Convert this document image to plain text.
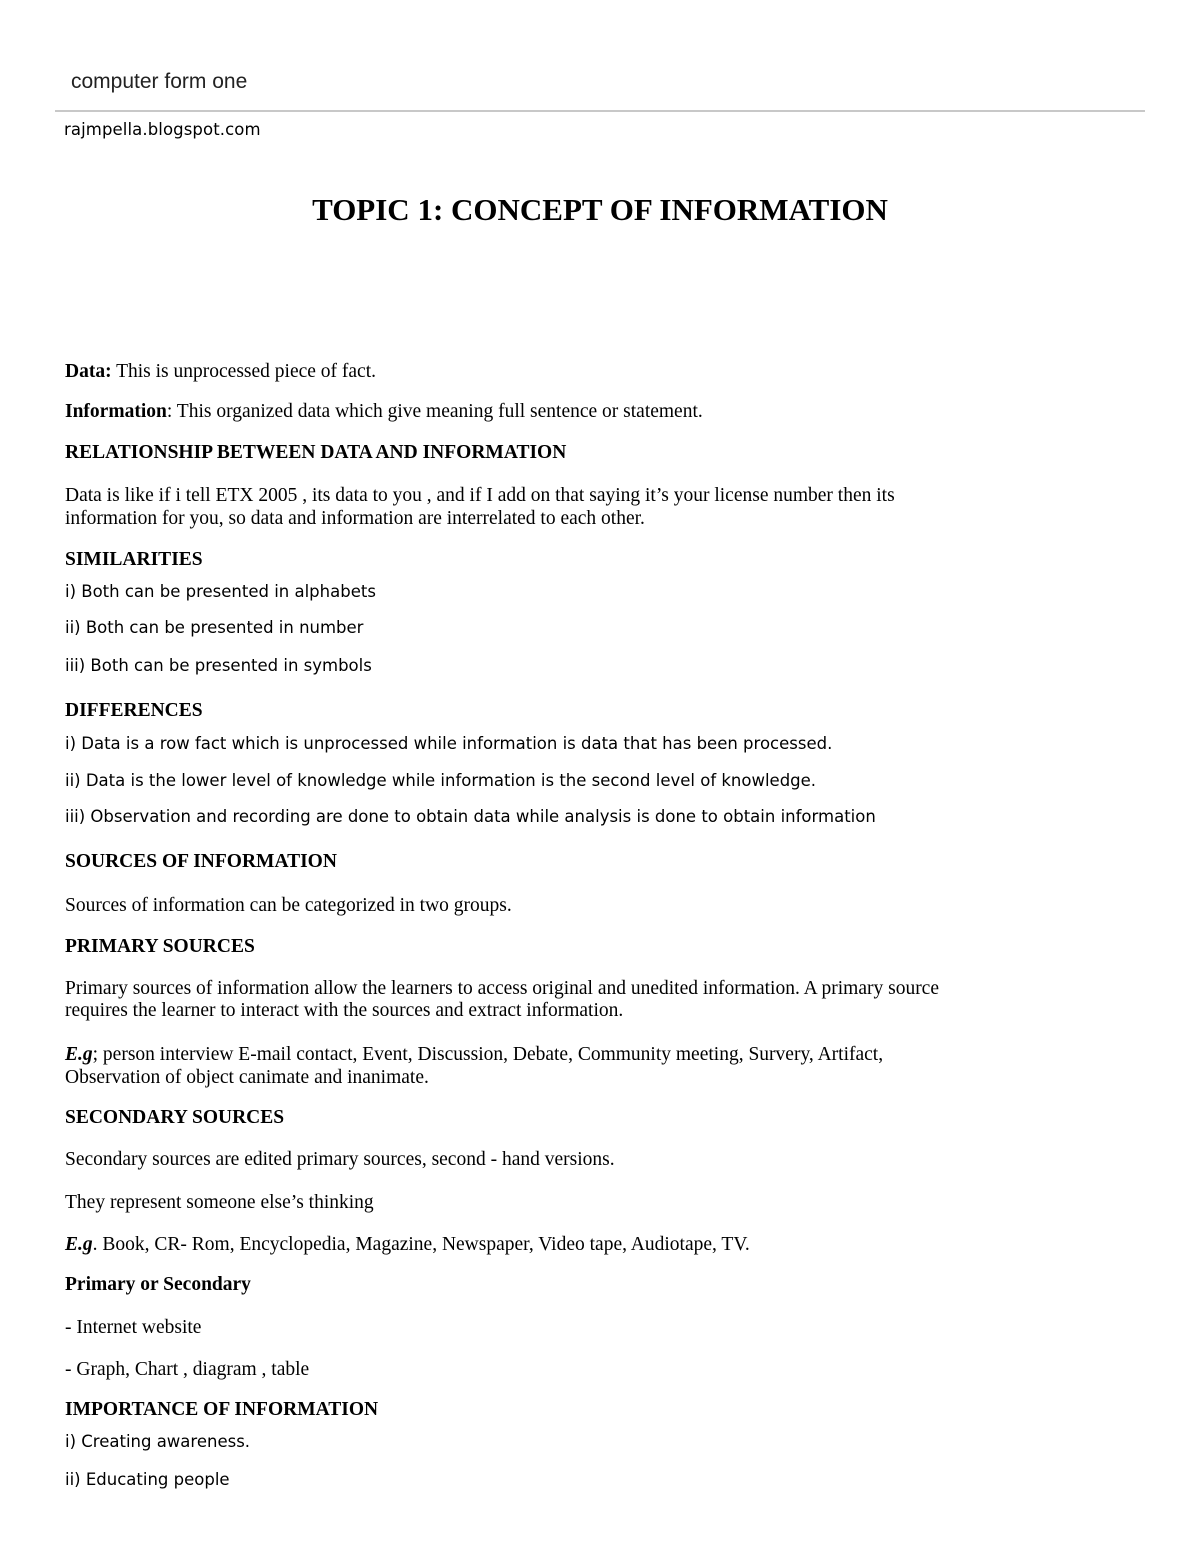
computer form one
rajmpella.blogspot.com
TOPIC 1: CONCEPT OF INFORMATION
Data: This is unprocessed piece of fact.
Information: This organized data which give meaning full sentence or statement.
RELATIONSHIP BETWEEN DATA AND INFORMATION
Data is like if i tell ETX 2005 , its data to you , and if I add on that saying it’s your license number then its
information for you, so data and information are interrelated to each other.
SIMILARITIES
i) Both can be presented in alphabets
ii) Both can be presented in number
iii) Both can be presented in symbols
DIFFERENCES
i) Data is a row fact which is unprocessed while information is data that has been processed.
ii) Data is the lower level of knowledge while information is the second level of knowledge.
iii) Observation and recording are done to obtain data while analysis is done to obtain information
SOURCES OF INFORMATION
Sources of information can be categorized in two groups.
PRIMARY SOURCES
Primary sources of information allow the learners to access original and unedited information. A primary source
requires the learner to interact with the sources and extract information.
E.g; person interview E-mail contact, Event, Discussion, Debate, Community meeting, Survery, Artifact,
Observation of object canimate and inanimate.
SECONDARY SOURCES
Secondary sources are edited primary sources, second - hand versions.
They represent someone else’s thinking
E.g. Book, CR- Rom, Encyclopedia, Magazine, Newspaper, Video tape, Audiotape, TV.
Primary or Secondary
- Internet website
- Graph, Chart , diagram , table
IMPORTANCE OF INFORMATION
i) Creating awareness.
ii) Educating people
